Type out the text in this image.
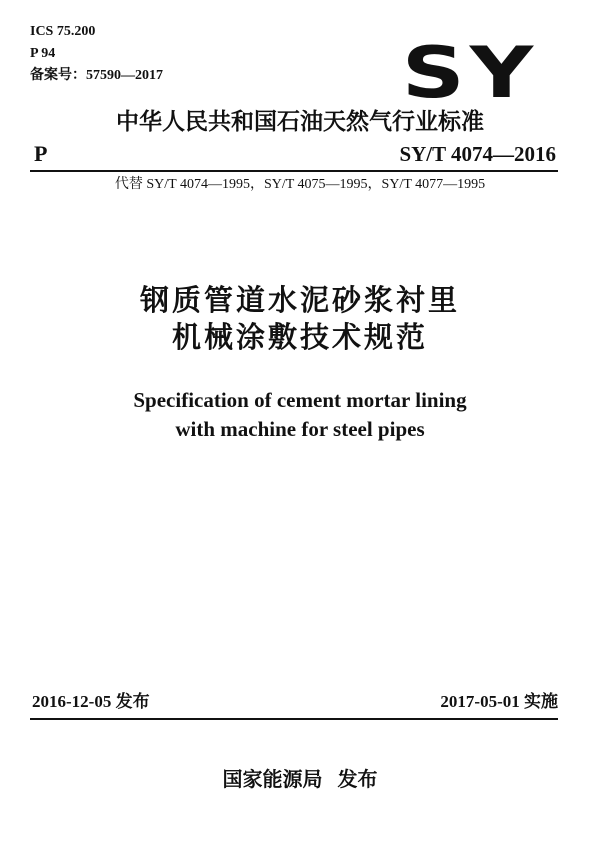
ICS 75.200
P 94
备案号：57590—2017	SY
中华人民共和国石油天然气行业标准
P	SY/T 4074—2016
代替 SY/T 4074—1995，SY/T 4075—1995，SY/T 4077—1995
钢质管道水泥砂浆衬里
机械涂敷技术规范
Specification of cement mortar lining
with machine for steel pipes
2016-12-05 发布	2017-05-01 实施
国家能源局 发布
